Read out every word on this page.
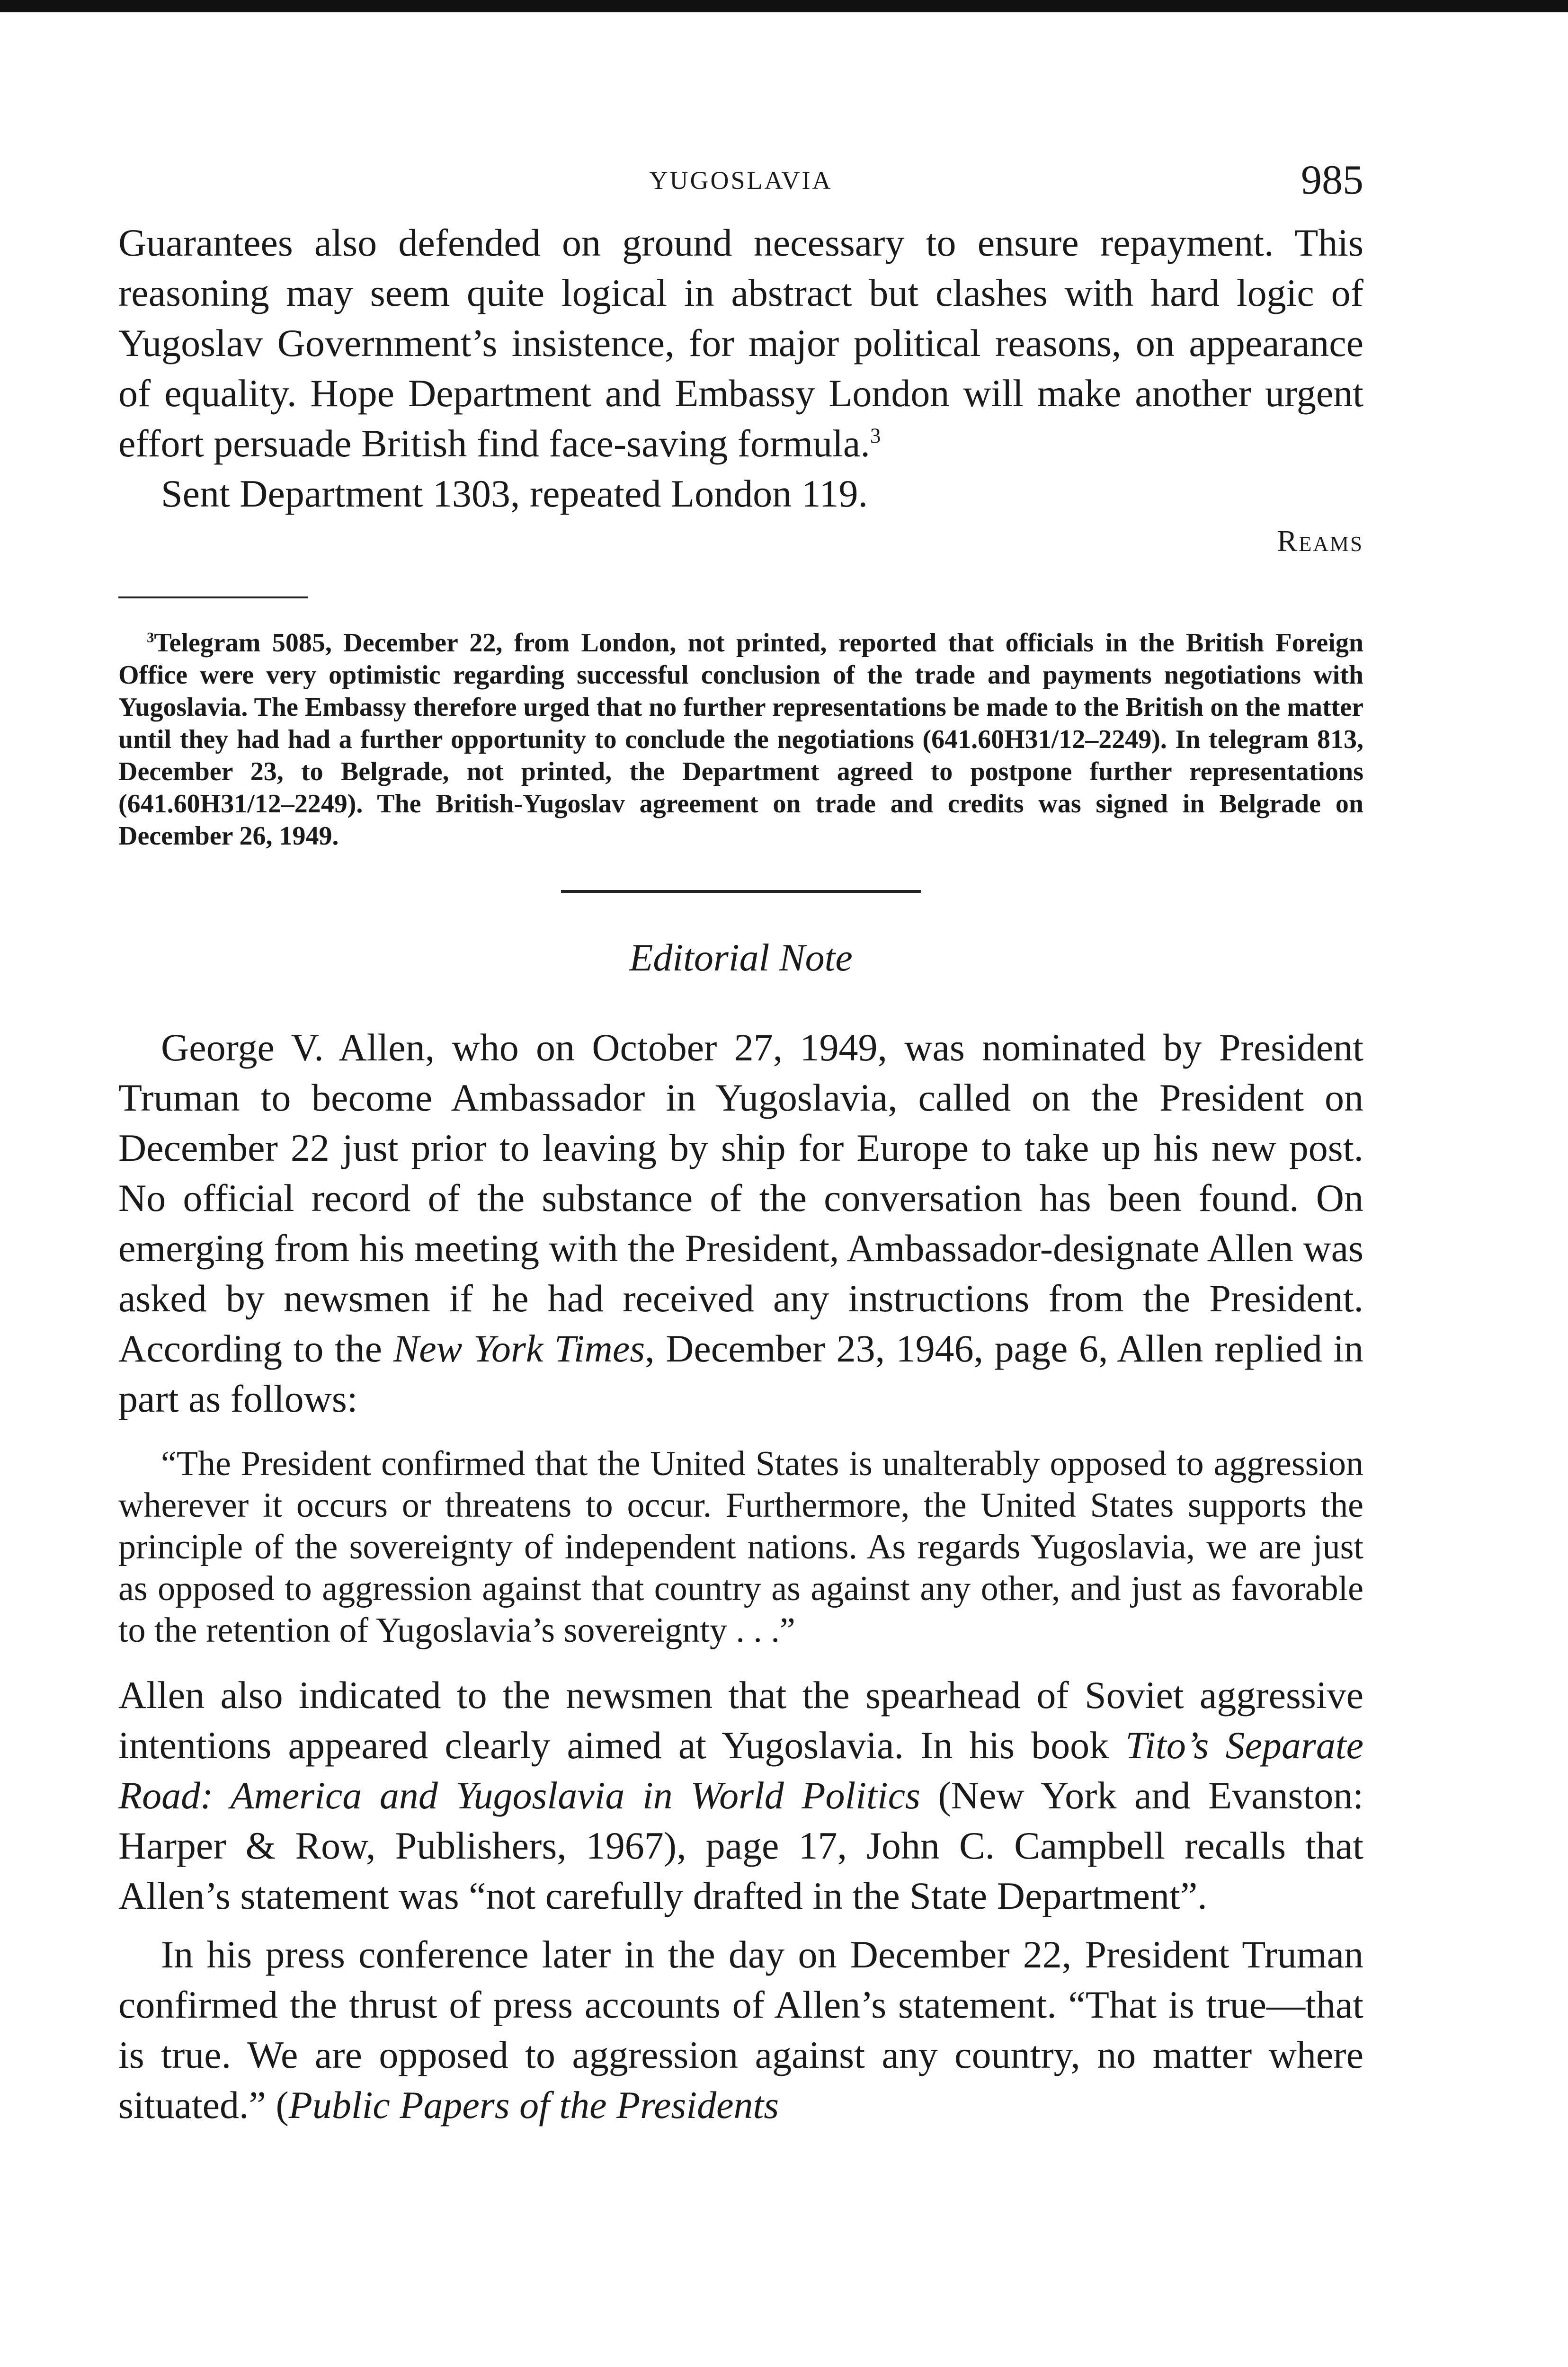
YUGOSLAVIA	985

Guarantees also defended on ground necessary to ensure repayment. This reasoning may seem quite logical in abstract but clashes with hard logic of Yugoslav Government’s insistence, for major political reasons, on appearance of equality. Hope Department and Embassy London will make another urgent effort persuade British find face-saving formula.$^3$

Sent Department 1303, repeated London 119.

Reams

$^3$Telegram 5085, December 22, from London, not printed, reported that officials in the British Foreign Office were very optimistic regarding successful conclusion of the trade and payments negotiations with Yugoslavia. The Embassy therefore urged that no further representations be made to the British on the matter until they had had a further opportunity to conclude the negotiations (641.60H31/12–2249). In telegram 813, December 23, to Belgrade, not printed, the Department agreed to postpone further representations (641.60H31/12–2249). The British-Yugoslav agreement on trade and credits was signed in Belgrade on December 26, 1949.

Editorial Note

George V. Allen, who on October 27, 1949, was nominated by President Truman to become Ambassador in Yugoslavia, called on the President on December 22 just prior to leaving by ship for Europe to take up his new post. No official record of the substance of the conversation has been found. On emerging from his meeting with the President, Ambassador-designate Allen was asked by newsmen if he had received any instructions from the President. According to the New York Times, December 23, 1946, page 6, Allen replied in part as follows:

“The President confirmed that the United States is unalterably opposed to aggression wherever it occurs or threatens to occur. Furthermore, the United States supports the principle of the sovereignty of independent nations. As regards Yugoslavia, we are just as opposed to aggression against that country as against any other, and just as favorable to the retention of Yugoslavia’s sovereignty . . .”

Allen also indicated to the newsmen that the spearhead of Soviet aggressive intentions appeared clearly aimed at Yugoslavia. In his book Tito’s Separate Road: America and Yugoslavia in World Politics (New York and Evanston: Harper & Row, Publishers, 1967), page 17, John C. Campbell recalls that Allen’s statement was “not carefully drafted in the State Department”.

In his press conference later in the day on December 22, President Truman confirmed the thrust of press accounts of Allen’s statement. “That is true—that is true. We are opposed to aggression against any country, no matter where situated.” (Public Papers of the Presidents
